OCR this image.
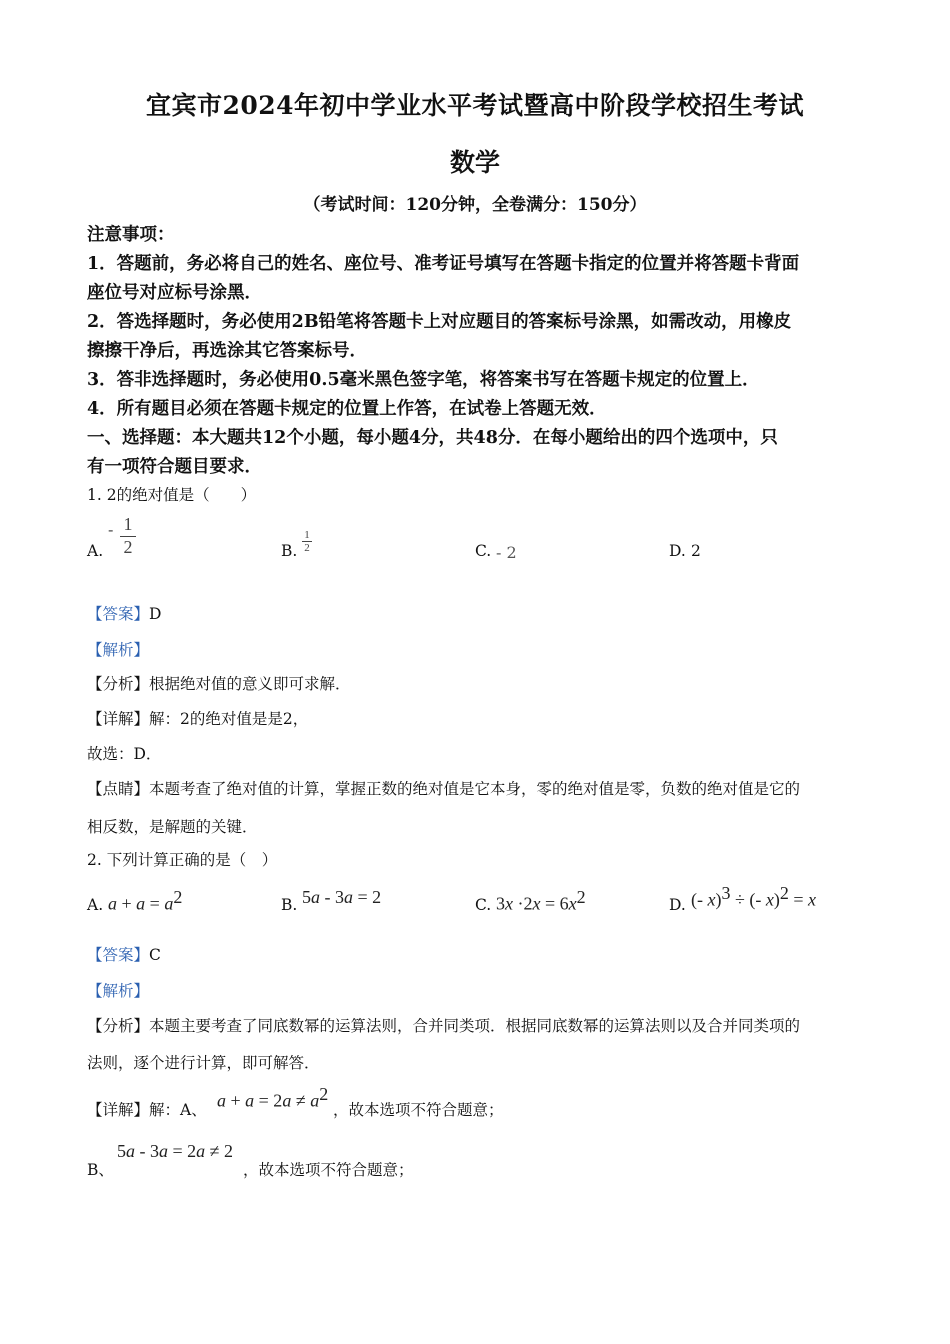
宜宾市2024年初中学业水平考试暨高中阶段学校招生考试
数学
（考试时间：120分钟，全卷满分：150分）
注意事项：
1．答题前，务必将自己的姓名、座位号、准考证号填写在答题卡指定的位置并将答题卡背面
座位号对应标号涂黑．
2．答选择题时，务必使用2B铅笔将答题卡上对应题目的答案标号涂黑，如需改动，用橡皮
擦擦干净后，再选涂其它答案标号．
3．答非选择题时，务必使用0.5毫米黑色签字笔，将答案书写在答题卡规定的位置上．
4．所有题目必须在答题卡规定的位置上作答，在试卷上答题无效．
一、选择题：本大题共12个小题，每小题4分，共48分．在每小题给出的四个选项中，只
有一项符合题目要求．
1. 2的绝对值是（　　）
A.
- 1
2	B.
1
2	C. - 2	D. 2
【答案】D
【解析】
【分析】根据绝对值的意义即可求解．
【详解】解：2的绝对值是是2，
故选：D．
【点睛】本题考查了绝对值的计算，掌握正数的绝对值是它本身，零的绝对值是零，负数的绝对值是它的
相反数，是解题的关键．
2. 下列计算正确的是（　）
A. $a + a = a^2$	B. 5a - 3a = 2	C. $3x \cdot 2x = 6x^2$	D. (- x)$^3$ ÷ (- x)$^2$ = x
【答案】C
【解析】
【分析】本题主要考查了同底数幂的运算法则，合并同类项．根据同底数幂的运算法则以及合并同类项的
法则，逐个进行计算，即可解答．
【详解】解：A、 $a + a = 2a \ne a^2$
，故本选项不符合题意；
B、
5a - 3a = 2a ≠ 2
，故本选项不符合题意；
